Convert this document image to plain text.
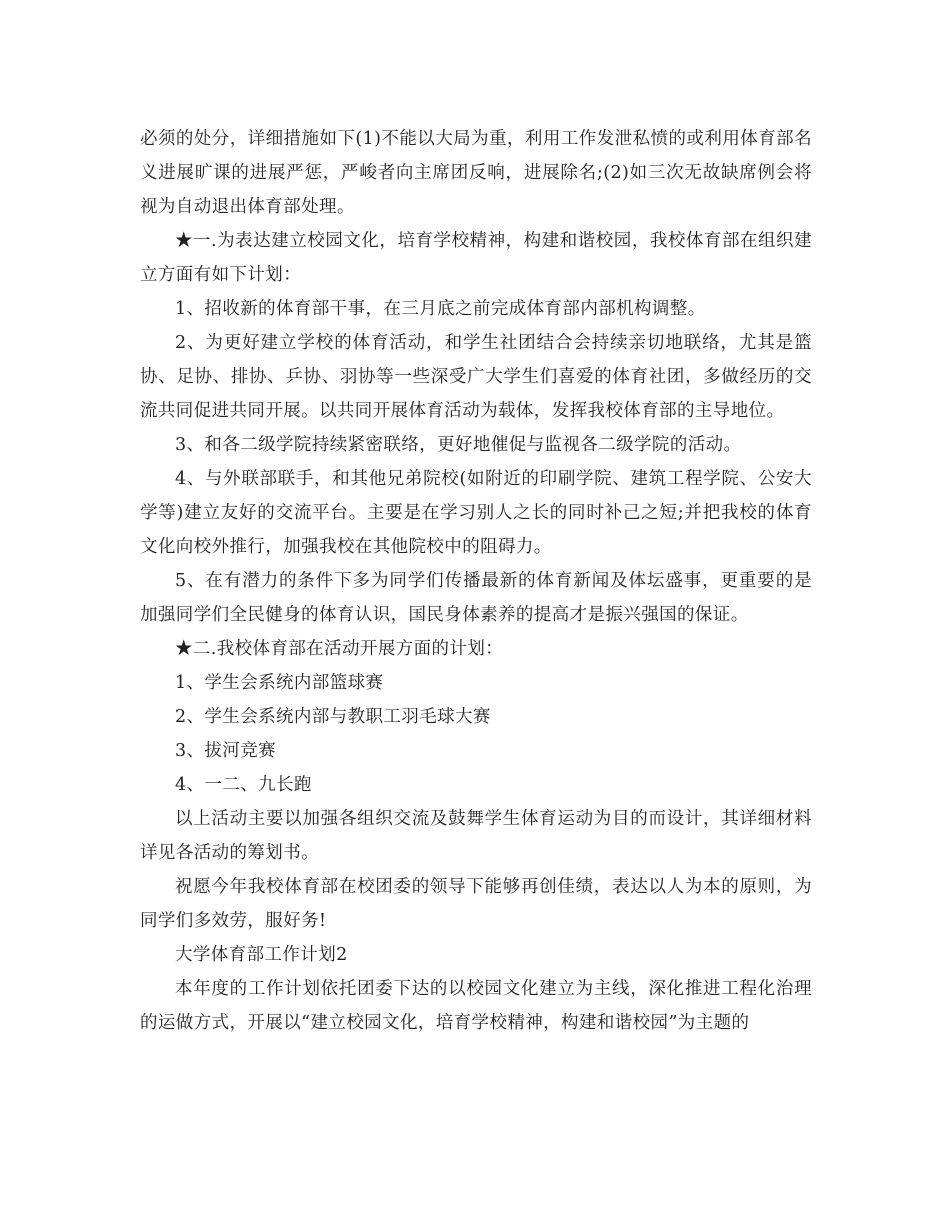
必须的处分，详细措施如下(1)不能以大局为重，利用工作发泄私愤的或利用体育部名义进展旷课的进展严惩，严峻者向主席团反响，进展除名;(2)如三次无故缺席例会将视为自动退出体育部处理。

★一.为表达建立校园文化，培育学校精神，构建和谐校园，我校体育部在组织建立方面有如下计划：

1、招收新的体育部干事，在三月底之前完成体育部内部机构调整。

2、为更好建立学校的体育活动，和学生社团结合会持续亲切地联络，尤其是篮协、足协、排协、乒协、羽协等一些深受广大学生们喜爱的体育社团，多做经历的交流共同促进共同开展。以共同开展体育活动为载体，发挥我校体育部的主导地位。

3、和各二级学院持续紧密联络，更好地催促与监视各二级学院的活动。

4、与外联部联手，和其他兄弟院校(如附近的印刷学院、建筑工程学院、公安大学等)建立友好的交流平台。主要是在学习别人之长的同时补己之短;并把我校的体育文化向校外推行，加强我校在其他院校中的阻碍力。

5、在有潜力的条件下多为同学们传播最新的体育新闻及体坛盛事，更重要的是加强同学们全民健身的体育认识，国民身体素养的提高才是振兴强国的保证。

★二.我校体育部在活动开展方面的计划：

1、学生会系统内部篮球赛

2、学生会系统内部与教职工羽毛球大赛

3、拔河竞赛

4、一二、九长跑

以上活动主要以加强各组织交流及鼓舞学生体育运动为目的而设计，其详细材料详见各活动的筹划书。

祝愿今年我校体育部在校团委的领导下能够再创佳绩，表达以人为本的原则，为同学们多效劳，服好务!

大学体育部工作计划2

本年度的工作计划依托团委下达的以校园文化建立为主线，深化推进工程化治理的运做方式，开展以“建立校园文化，培育学校精神，构建和谐校园”为主题的
